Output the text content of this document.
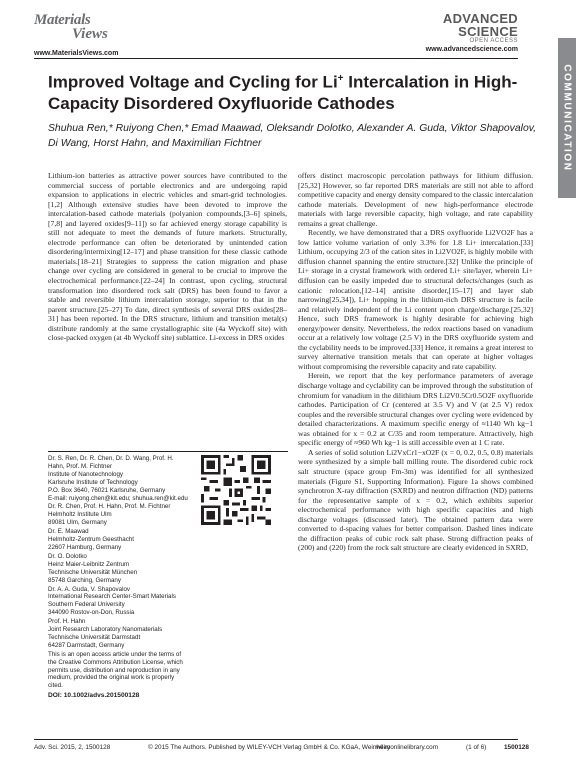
Materials
Views
ADVANCED
SCIENCE
OPEN ACCESS
www.MaterialsViews.com
www.advancedscience.com
COMMUNICATION
Improved Voltage and Cycling for Li+ Intercalation in High-Capacity Disordered Oxyfluoride Cathodes
Shuhua Ren,* Ruiyong Chen,* Emad Maawad, Oleksandr Dolotko, Alexander A. Guda, Viktor Shapovalov, Di Wang, Horst Hahn, and Maximilian Fichtner

Lithium-ion batteries as attractive power sources have contributed to the commercial success of portable electronics and are undergoing rapid expansion to applications in electric vehicles and smart-grid technologies.[1,2] Although extensive studies have been devoted to improve the intercalation-based cathode materials (polyanion compounds,[3–6] spinels,[7,8] and layered oxides[9–11]) so far achieved energy storage capability is still not adequate to meet the demands of future markets. Structurally, electrode performance can often be deteriorated by unintended cation disordering/intermixing[12–17] and phase transition for these classic cathode materials.[18–21] Strategies to suppress the cation migration and phase change over cycling are considered in general to be crucial to improve the electrochemical performance.[22–24] In contrast, upon cycling, structural transformation into disordered rock salt (DRS) has been found to favor a stable and reversible lithium intercalation storage, superior to that in the parent structure.[25–27] To date, direct synthesis of several DRS oxides[28–31] has been reported. In the DRS structure, lithium and transition metal(s) distribute randomly at the same crystallographic site (4a Wyckoff site) with close-packed oxygen (at 4b Wyckoff site) sublattice. Li-excess in DRS oxides

offers distinct macroscopic percolation pathways for lithium diffusion.[25,32] However, so far reported DRS materials are still not able to afford competitive capacity and energy density compared to the classic intercalation cathode materials. Development of new high-performance electrode materials with large reversible capacity, high voltage, and rate capability remains a great challenge.

Recently, we have demonstrated that a DRS oxyfluoride Li2VO2F has a low lattice volume variation of only 3.3% for 1.8 Li+ intercalation.[33] Lithium, occupying 2/3 of the cation sites in Li2VO2F, is highly mobile with diffusion channel spanning the entire structure.[32] Unlike the principle of Li+ storage in a crystal framework with ordered Li+ site/layer, wherein Li+ diffusion can be easily impeded due to structural defects/changes (such as cationic relocation,[12–14] antisite disorder,[15–17] and layer slab narrowing[25,34]), Li+ hopping in the lithium-rich DRS structure is facile and relatively independent of the Li content upon charge/discharge.[25,32] Hence, such DRS framework is highly desirable for achieving high energy/power density. Nevertheless, the redox reactions based on vanadium occur at a relatively low voltage (2.5 V) in the DRS oxyfluoride system and the cyclability needs to be improved.[33] Hence, it remains a great interest to survey alternative transition metals that can operate at higher voltages without compromising the reversible capacity and rate capability.

Herein, we report that the key performance parameters of average discharge voltage and cyclability can be improved through the substitution of chromium for vanadium in the dilithium DRS Li2V0.5Cr0.5O2F oxyfluoride cathodes. Participation of Cr (centered at 3.5 V) and V (at 2.5 V) redox couples and the reversible structural changes over cycling were evidenced by detailed characterizations. A maximum specific energy of ≈1140 Wh kg−1 was obtained for x = 0.2 at C/35 and room temperature. Attractively, high specific energy of ≈960 Wh kg−1 is still accessible even at 1 C rate.

A series of solid solution Li2VxCr1−xO2F (x = 0, 0.2, 0.5, 0.8) materials were synthesized by a simple ball milling route. The disordered cubic rock salt structure (space group Fm-3m) was identified for all synthesized materials (Figure S1, Supporting Information). Figure 1a shows combined synchrotron X-ray diffraction (SXRD) and neutron diffraction (ND) patterns for the representative sample of x = 0.2, which exhibits superior electrochemical performance with high specific capacities and high discharge voltages (discussed later). The obtained pattern data were converted to d-spacing values for better comparison. Dashed lines indicate the diffraction peaks of cubic rock salt phase. Strong diffraction peaks of (200) and (220) from the rock salt structure are clearly evidenced in SXRD,

Dr. S. Ren, Dr. R. Chen, Dr. D. Wang, Prof. H. Hahn, Prof. M. Fichtner
Institute of Nanotechnology
Karlsruhe Institute of Technology
P.O. Box 3640, 76021 Karlsruhe, Germany
E-mail: ruiyong.chen@kit.edu; shuhua.ren@kit.edu
Dr. R. Chen, Prof. H. Hahn, Prof. M. Fichtner
Helmholtz Institute Ulm
89081 Ulm, Germany
Dr. E. Maawad
Helmholtz-Zentrum Geesthacht
22607 Hamburg, Germany
Dr. O. Dolotko
Heinz Maier-Leibnitz Zentrum
Technische Universität München
85748 Garching, Germany
Dr. A. A. Guda, V. Shapovalov
International Research Center-Smart Materials
Southern Federal University
344090 Rostov-on-Don, Russia
Prof. H. Hahn
Joint Research Laboratory Nanomaterials
Technische Universität Darmstadt
64287 Darmstadt, Germany
This is an open access article under the terms of the Creative Commons Attribution License, which permits use, distribution and reproduction in any medium, provided the original work is properly cited.
DOI: 10.1002/advs.201500128
Adv. Sci. 2015, 2, 1500128	© 2015 The Authors. Published by WILEY-VCH Verlag GmbH & Co. KGaA, Weinheim
wileyonlinelibrary.com	(1 of 6)	1500128
